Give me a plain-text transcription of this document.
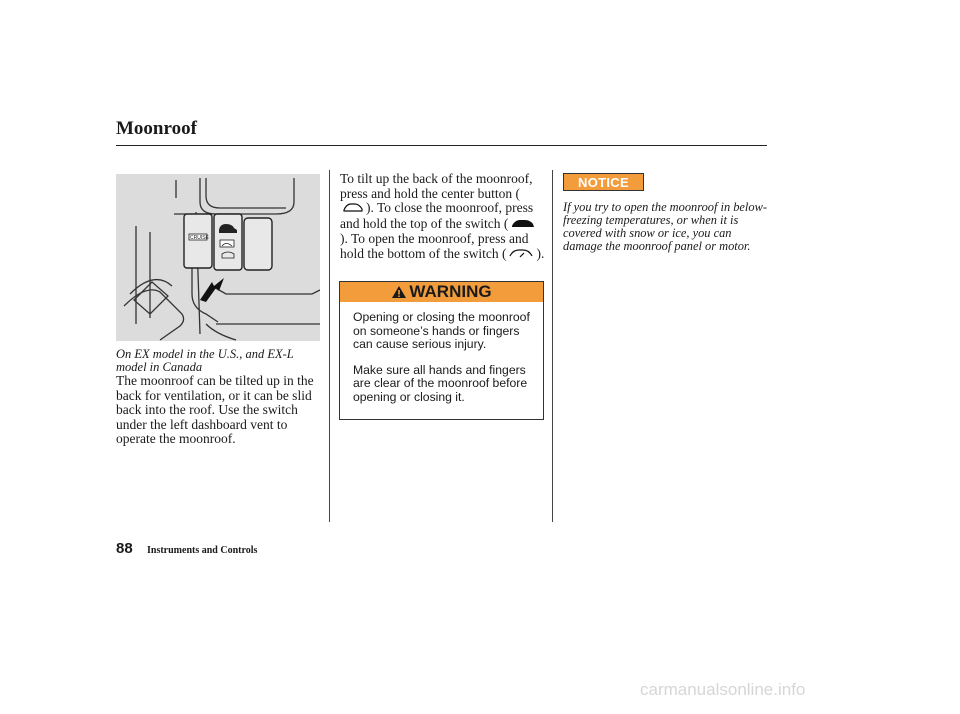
Moonroof
CRUISE
On EX model in the U.S., and EX-L model in Canada
The moonroof can be tilted up in the back for ventilation, or it can be slid back into the roof. Use the switch under the left dashboard vent to operate the moonroof.
To tilt up the back of the moonroof, press and hold the center button (). To close the moonroof, press and hold the top of the switch (). To open the moonroof, press and hold the bottom of the switch ( ).
WARNING

Opening or closing the moonroof on someone’s hands or fingers can cause serious injury.

Make sure all hands and fingers are clear of the moonroof before opening or closing it.

NOTICE
If you try to open the moonroof in below-freezing temperatures, or when it is covered with snow or ice, you can damage the moonroof panel or motor.
88 Instruments and Controls
carmanualsonline.info
